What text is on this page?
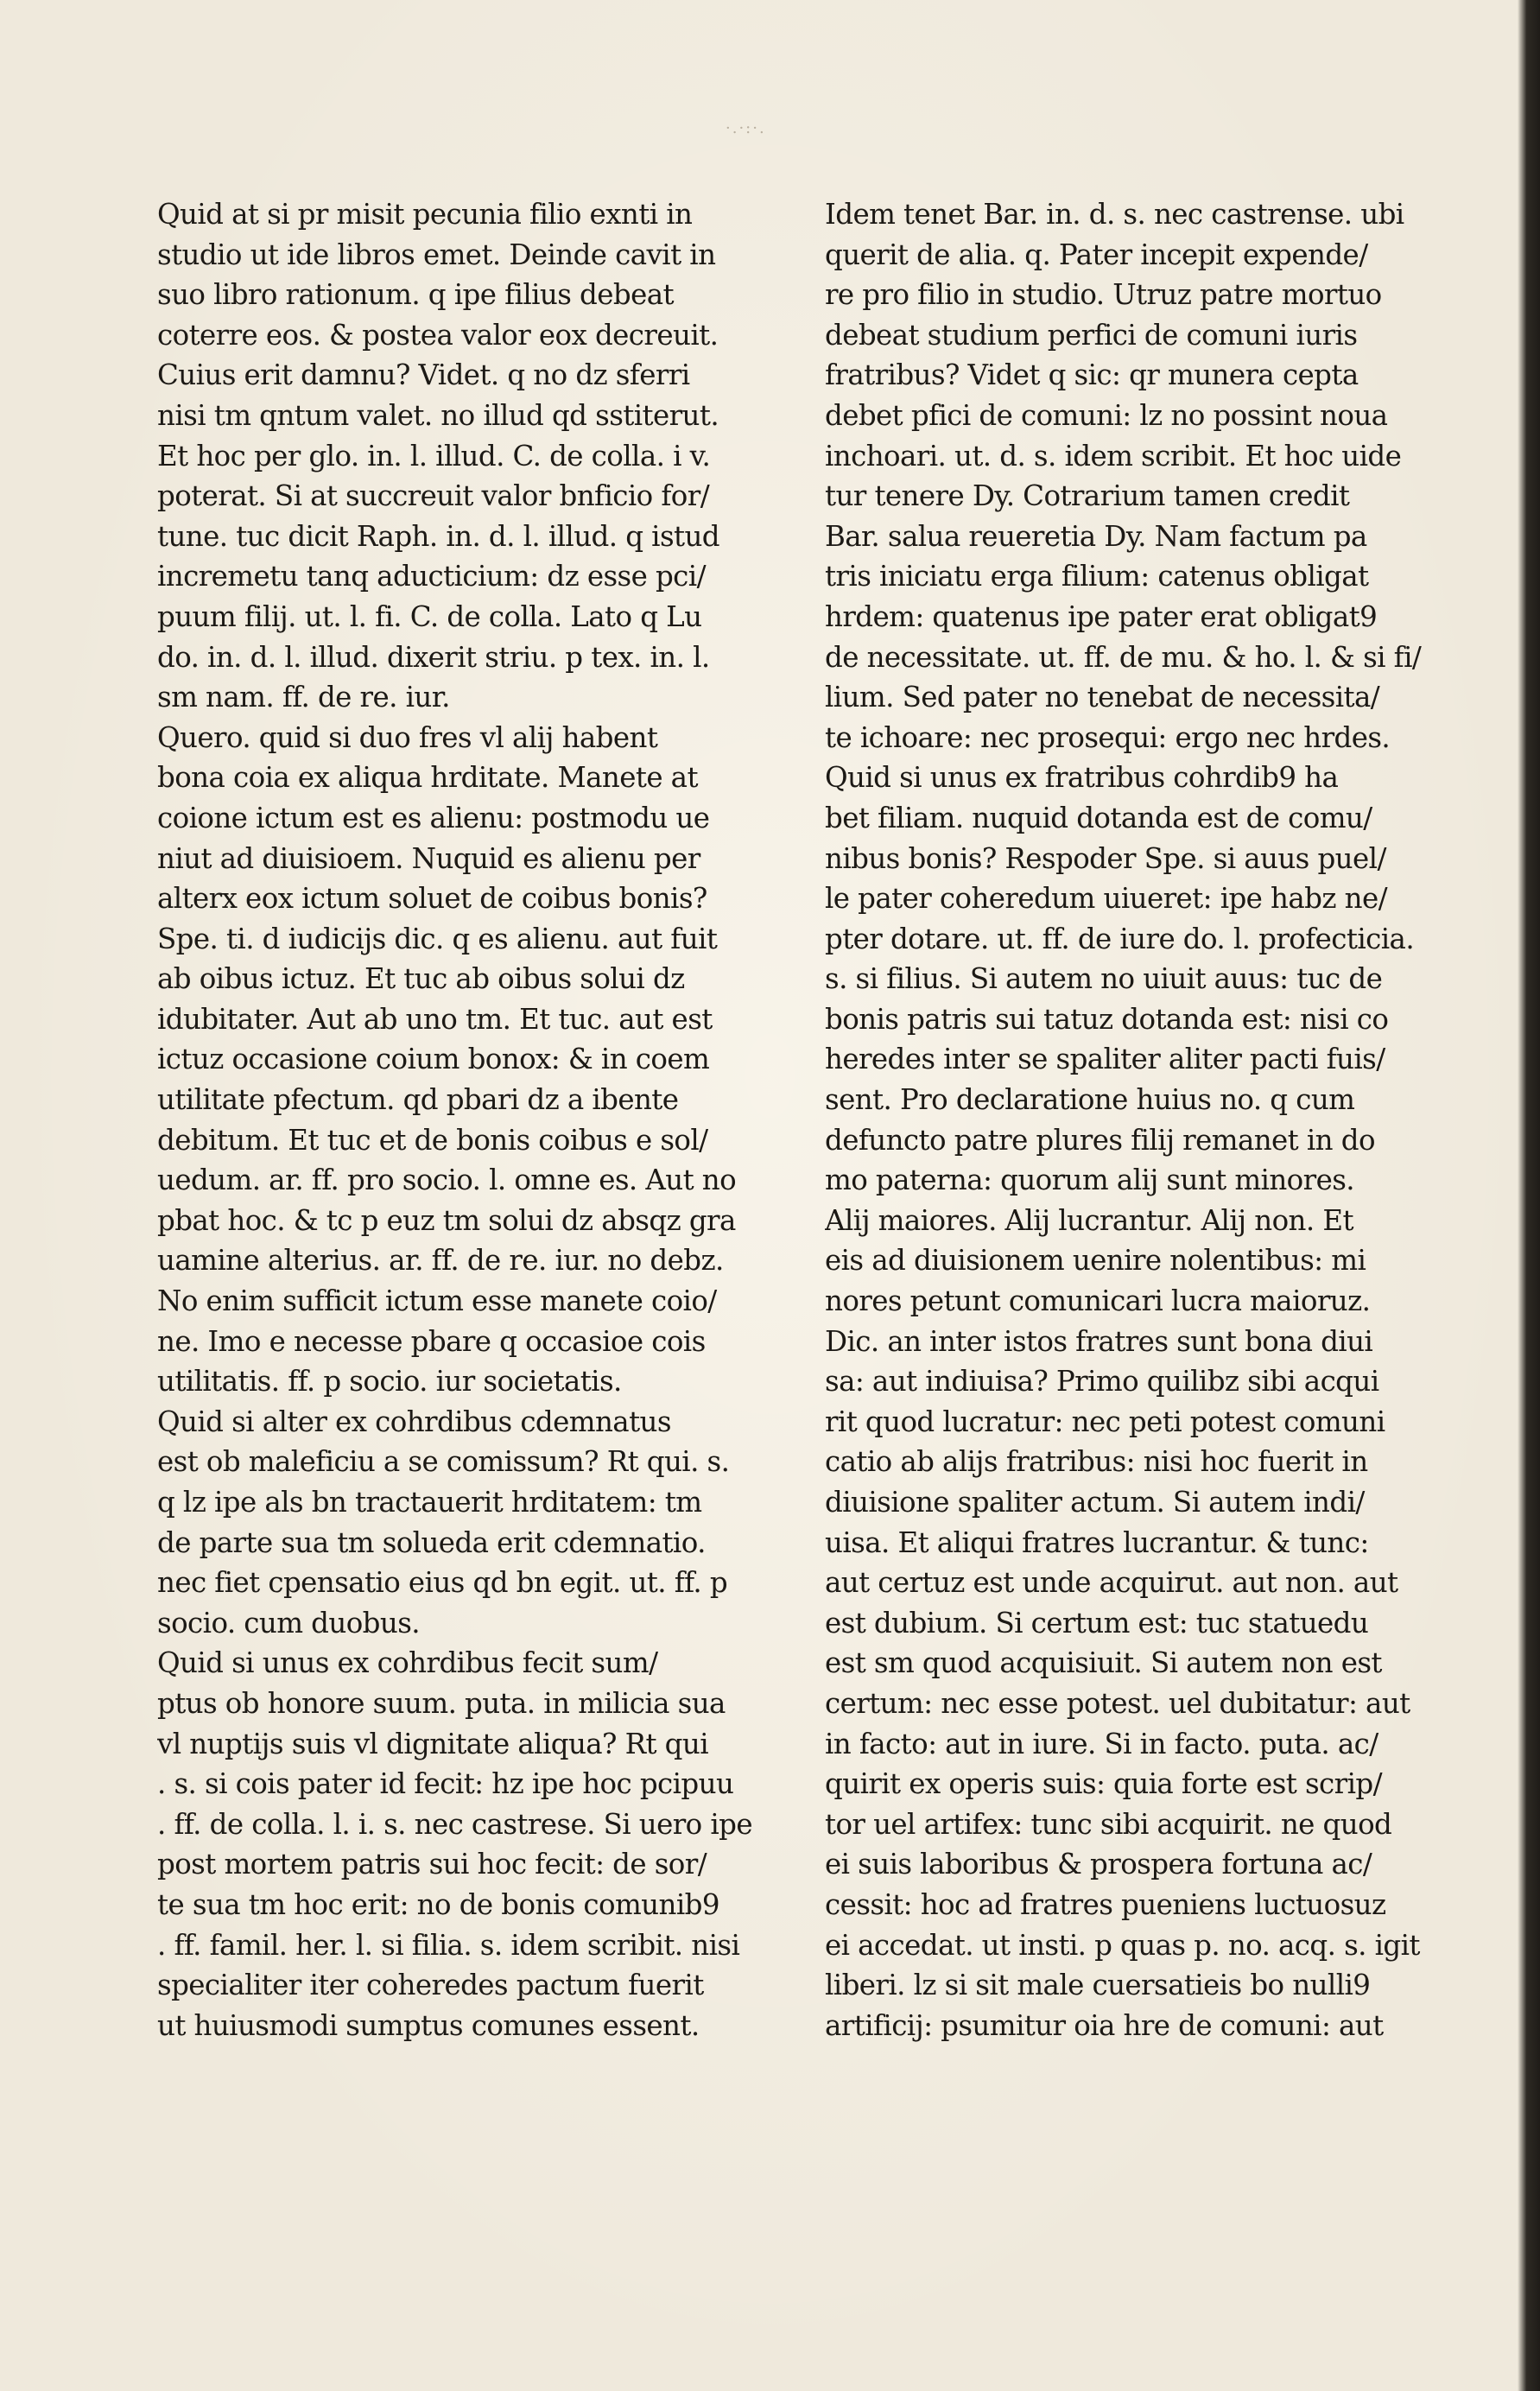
·.·:·.
Quid at si pr misit pecunia filio exnti in
studio ut ide libros emet. Deinde cavit in
suo libro rationum. q ipe filius debeat
coterre eos. & postea valor eox decreuit.
Cuius erit damnu? Videt. q no dz sferri
nisi tm qntum valet. no illud qd sstiterut.
Et hoc per glo. in. l. illud. C. de colla. i v.
poterat. Si at succreuit valor bnficio for/
tune. tuc dicit Raph. in. d. l. illud. q istud
incremetu tanq aducticium: dz esse pci/
puum filij. ut. l. fi. C. de colla. Lato q Lu
do. in. d. l. illud. dixerit striu. p tex. in. l.
sm nam. ff. de re. iur.
Quero. quid si duo fres vl alij habent
bona coia ex aliqua hrditate. Manete at
coione ictum est es alienu: postmodu ue
niut ad diuisioem. Nuquid es alienu per
alterx eox ictum soluet de coibus bonis?
Spe. ti. d iudicijs dic. q es alienu. aut fuit
ab oibus ictuz. Et tuc ab oibus solui dz
idubitater. Aut ab uno tm. Et tuc. aut est
ictuz occasione coium bonox: & in coem
utilitate pfectum. qd pbari dz a ibente
debitum. Et tuc et de bonis coibus e sol/
uedum. ar. ff. pro socio. l. omne es. Aut no
pbat hoc. & tc p euz tm solui dz absqz gra
uamine alterius. ar. ff. de re. iur. no debz.
No enim sufficit ictum esse manete coio/
ne. Imo e necesse pbare q occasioe cois
utilitatis. ff. p socio. iur societatis.
Quid si alter ex cohrdibus cdemnatus
est ob maleficiu a se comissum? Rt qui. s.
q lz ipe als bn tractauerit hrditatem: tm
de parte sua tm solueda erit cdemnatio.
nec fiet cpensatio eius qd bn egit. ut. ff. p
socio. cum duobus.
Quid si unus ex cohrdibus fecit sum/
ptus ob honore suum. puta. in milicia sua
vl nuptijs suis vl dignitate aliqua? Rt qui
. s. si cois pater id fecit: hz ipe hoc pcipuu
. ff. de colla. l. i. s. nec castrese. Si uero ipe
post mortem patris sui hoc fecit: de sor/
te sua tm hoc erit: no de bonis comunib9
. ff. famil. her. l. si filia. s. idem scribit. nisi
specialiter iter coheredes pactum fuerit
ut huiusmodi sumptus comunes essent.
Idem tenet Bar. in. d. s. nec castrense. ubi
querit de alia. q. Pater incepit expende/
re pro filio in studio. Utruz patre mortuo
debeat studium perfici de comuni iuris
fratribus? Videt q sic: qr munera cepta
debet pfici de comuni: lz no possint noua
inchoari. ut. d. s. idem scribit. Et hoc uide
tur tenere Dy. Cotrarium tamen credit
Bar. salua reueretia Dy. Nam factum pa
tris iniciatu erga filium: catenus obligat
hrdem: quatenus ipe pater erat obligat9
de necessitate. ut. ff. de mu. & ho. l. & si fi/
lium. Sed pater no tenebat de necessita/
te ichoare: nec prosequi: ergo nec hrdes.
Quid si unus ex fratribus cohrdib9 ha
bet filiam. nuquid dotanda est de comu/
nibus bonis? Respoder Spe. si auus puel/
le pater coheredum uiueret: ipe habz ne/
pter dotare. ut. ff. de iure do. l. profecticia.
s. si filius. Si autem no uiuit auus: tuc de
bonis patris sui tatuz dotanda est: nisi co
heredes inter se spaliter aliter pacti fuis/
sent. Pro declaratione huius no. q cum
defuncto patre plures filij remanet in do
mo paterna: quorum alij sunt minores.
Alij maiores. Alij lucrantur. Alij non. Et
eis ad diuisionem uenire nolentibus: mi
nores petunt comunicari lucra maioruz.
Dic. an inter istos fratres sunt bona diui
sa: aut indiuisa? Primo quilibz sibi acqui
rit quod lucratur: nec peti potest comuni
catio ab alijs fratribus: nisi hoc fuerit in
diuisione spaliter actum. Si autem indi/
uisa. Et aliqui fratres lucrantur. & tunc:
aut certuz est unde acquirut. aut non. aut
est dubium. Si certum est: tuc statuedu
est sm quod acquisiuit. Si autem non est
certum: nec esse potest. uel dubitatur: aut
in facto: aut in iure. Si in facto. puta. ac/
quirit ex operis suis: quia forte est scrip/
tor uel artifex: tunc sibi acquirit. ne quod
ei suis laboribus & prospera fortuna ac/
cessit: hoc ad fratres pueniens luctuosuz
ei accedat. ut insti. p quas p. no. acq. s. igit
liberi. lz si sit male cuersatieis bo nulli9
artificij: psumitur oia hre de comuni: aut
